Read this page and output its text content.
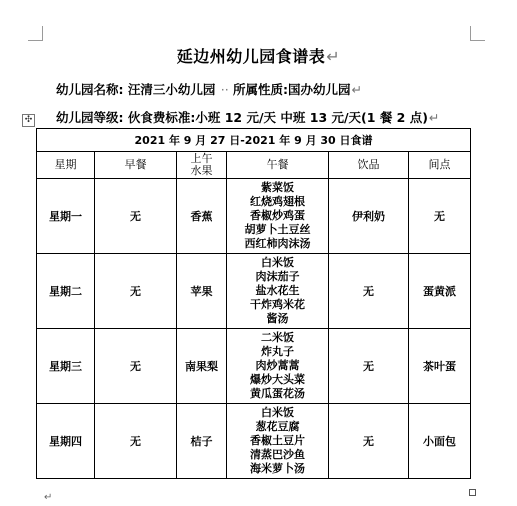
延边州幼儿园食谱表↵
幼儿园名称: 汪清三小幼儿园 ·· 所属性质:国办幼儿园↵
✣ 幼儿园等级: 伙食费标准:小班 12 元/天 中班 13 元/天(1 餐 2 点)↵
2021 年 9 月 27 日-2021 年 9 月 30 日食谱					
星期	早餐	上午
水果	午餐	饮品	间点
星期一	无	香蕉	紫菜饭
红烧鸡翅根
香椒炒鸡蛋
胡萝卜土豆丝
西红柿肉沫汤	伊利奶	无
星期二	无	苹果	白米饭
肉沫茄子
盐水花生
干炸鸡米花
酱汤	无	蛋黄派
星期三	无	南果梨	二米饭
炸丸子
肉炒蒿蒿
爆炒大头菜
黄瓜蛋花汤	无	茶叶蛋
星期四	无	桔子	白米饭
葱花豆腐
香椒土豆片
清蒸巴沙鱼
海米萝卜汤	无	小面包
↵
